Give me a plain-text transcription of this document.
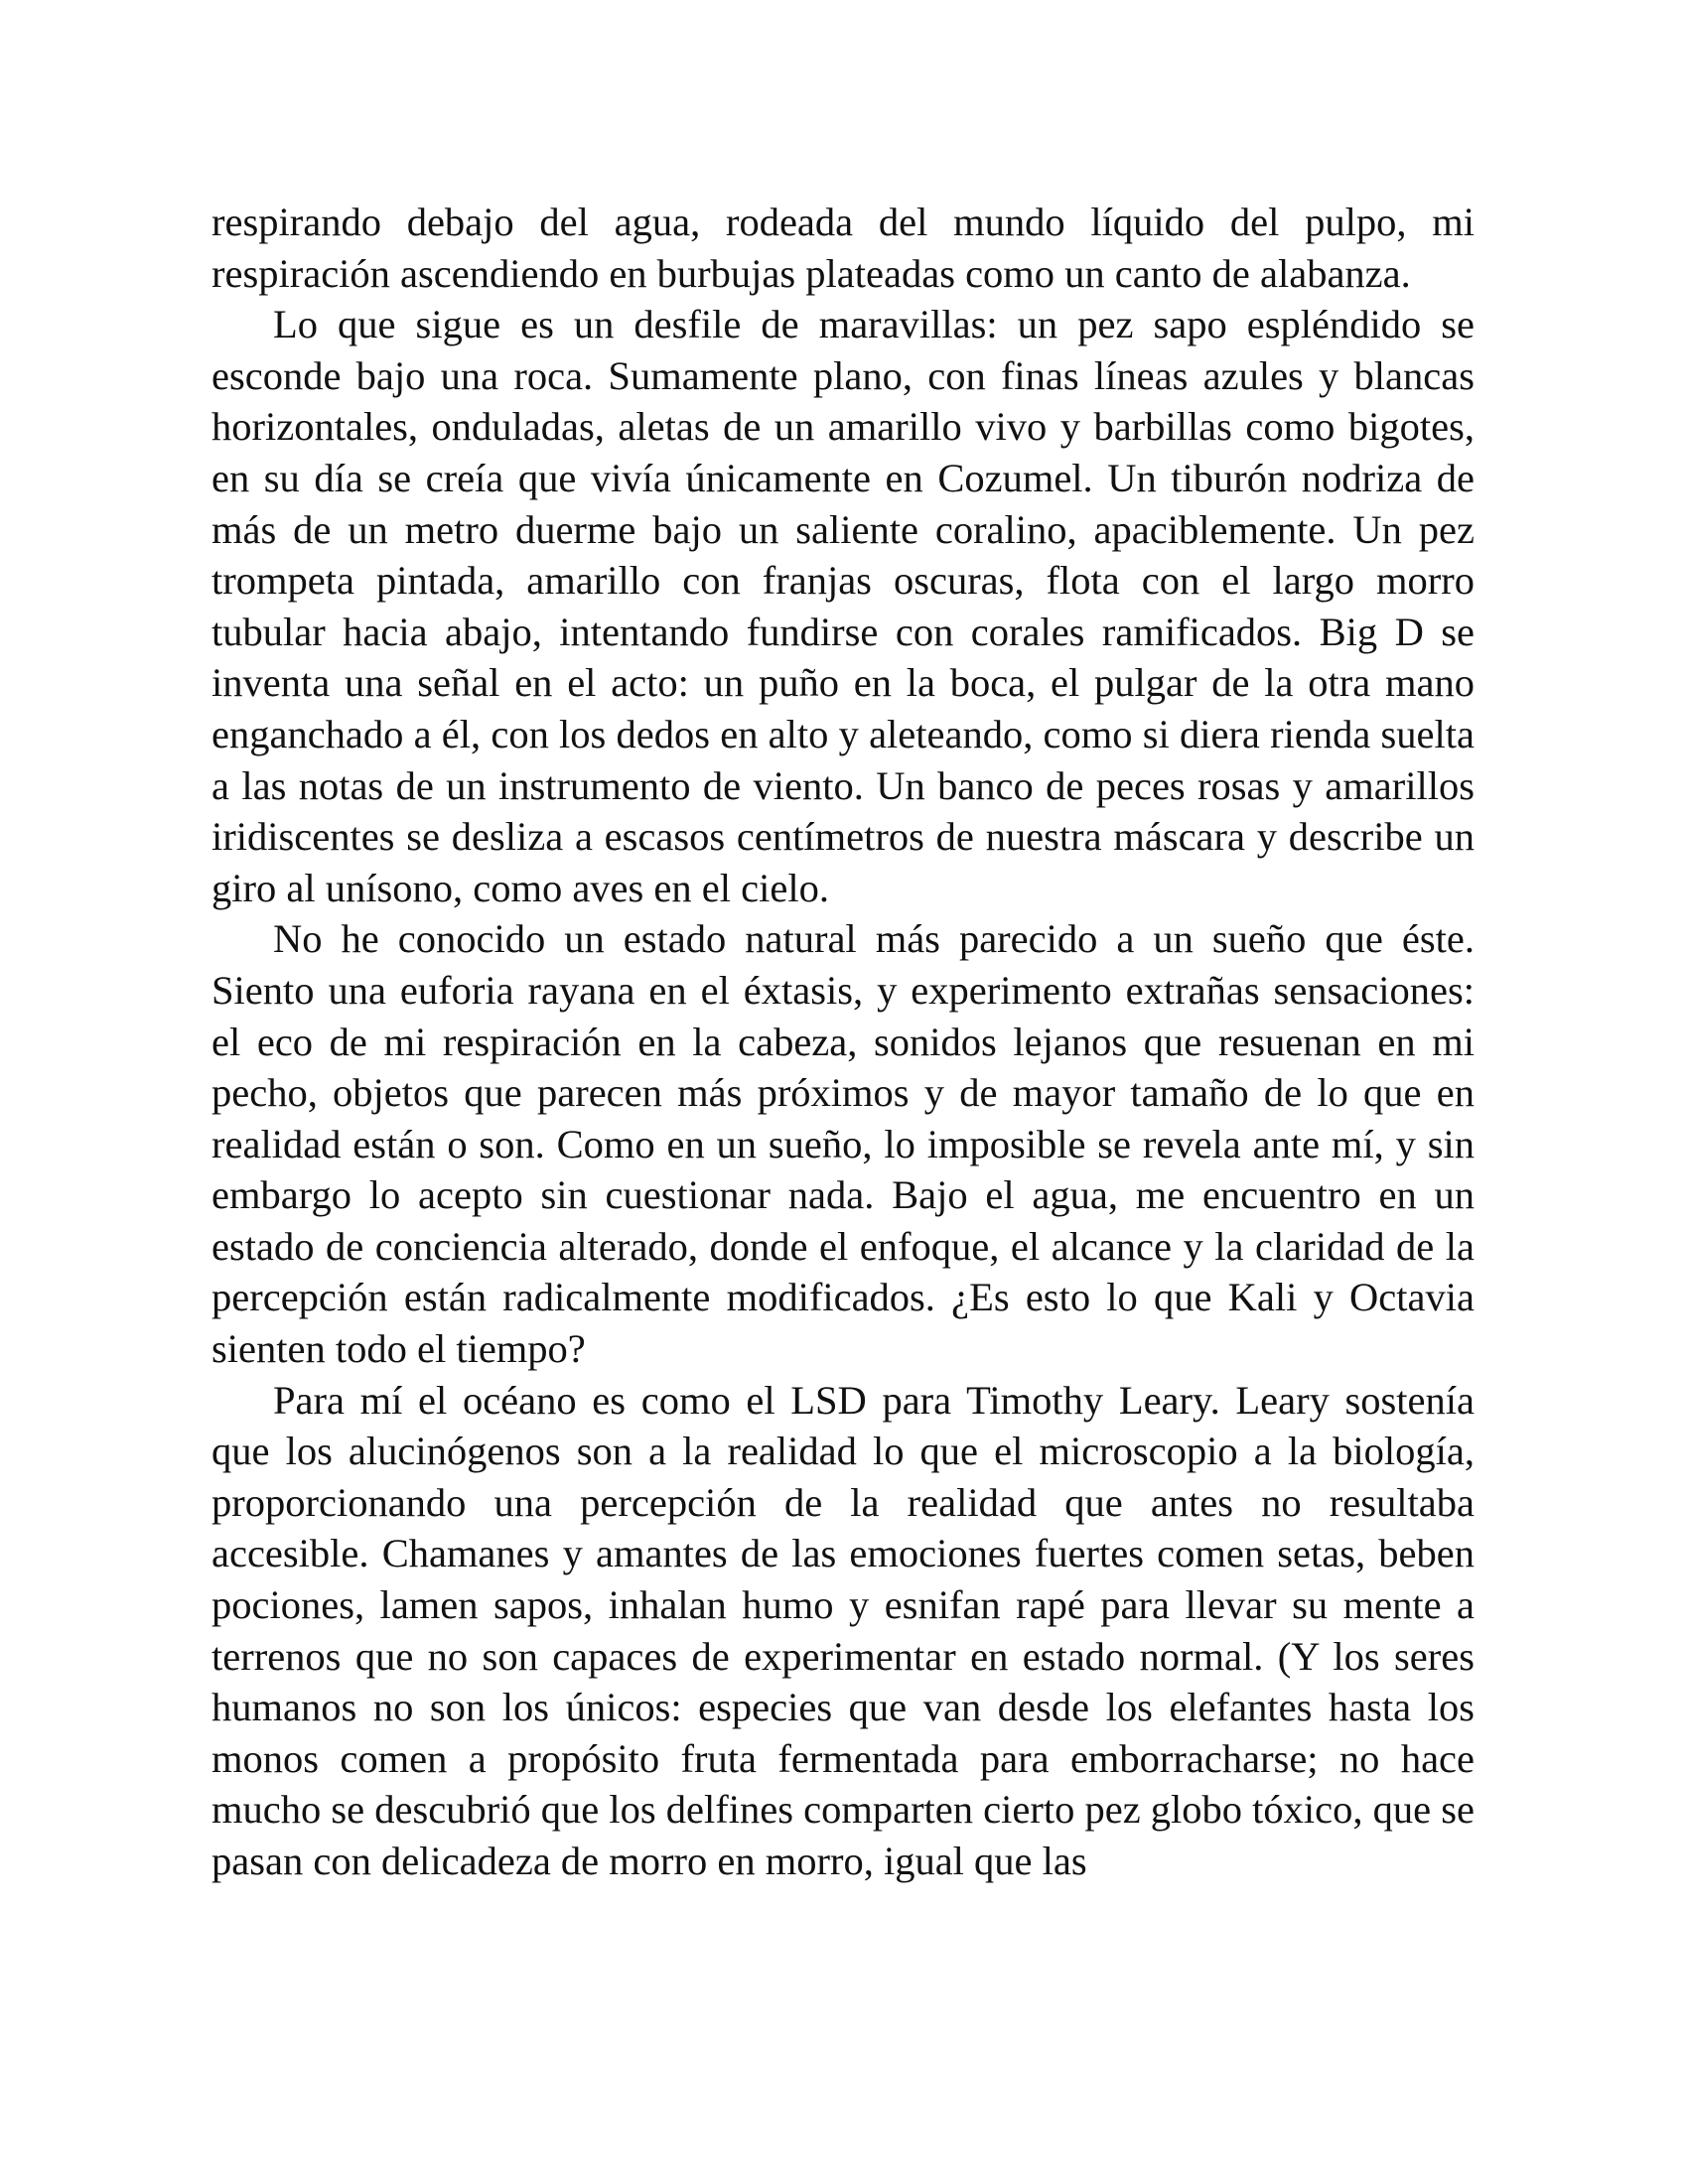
respirando debajo del agua, rodeada del mundo líquido del pulpo, mi respiración ascendiendo en burbujas plateadas como un canto de alabanza.

Lo que sigue es un desfile de maravillas: un pez sapo espléndido se esconde bajo una roca. Sumamente plano, con finas líneas azules y blancas horizontales, onduladas, aletas de un amarillo vivo y barbillas como bigotes, en su día se creía que vivía únicamente en Cozumel. Un tiburón nodriza de más de un metro duerme bajo un saliente coralino, apaciblemente. Un pez trompeta pintada, amarillo con franjas oscuras, flota con el largo morro tubular hacia abajo, intentando fundirse con corales ramificados. Big D se inventa una señal en el acto: un puño en la boca, el pulgar de la otra mano enganchado a él, con los dedos en alto y aleteando, como si diera rienda suelta a las notas de un instrumento de viento. Un banco de peces rosas y amarillos iridiscentes se desliza a escasos centímetros de nuestra máscara y describe un giro al unísono, como aves en el cielo.

No he conocido un estado natural más parecido a un sueño que éste. Siento una euforia rayana en el éxtasis, y experimento extrañas sensaciones: el eco de mi respiración en la cabeza, sonidos lejanos que resuenan en mi pecho, objetos que parecen más próximos y de mayor tamaño de lo que en realidad están o son. Como en un sueño, lo imposible se revela ante mí, y sin embargo lo acepto sin cuestionar nada. Bajo el agua, me encuentro en un estado de conciencia alterado, donde el enfoque, el alcance y la claridad de la percepción están radicalmente modificados. ¿Es esto lo que Kali y Octavia sienten todo el tiempo?

Para mí el océano es como el LSD para Timothy Leary. Leary sostenía que los alucinógenos son a la realidad lo que el microscopio a la biología, proporcionando una percepción de la realidad que antes no resultaba accesible. Chamanes y amantes de las emociones fuertes comen setas, beben pociones, lamen sapos, inhalan humo y esnifan rapé para llevar su mente a terrenos que no son capaces de experimentar en estado normal. (Y los seres humanos no son los únicos: especies que van desde los elefantes hasta los monos comen a propósito fruta fermentada para emborracharse; no hace mucho se descubrió que los delfines comparten cierto pez globo tóxico, que se pasan con delicadeza de morro en morro, igual que las
